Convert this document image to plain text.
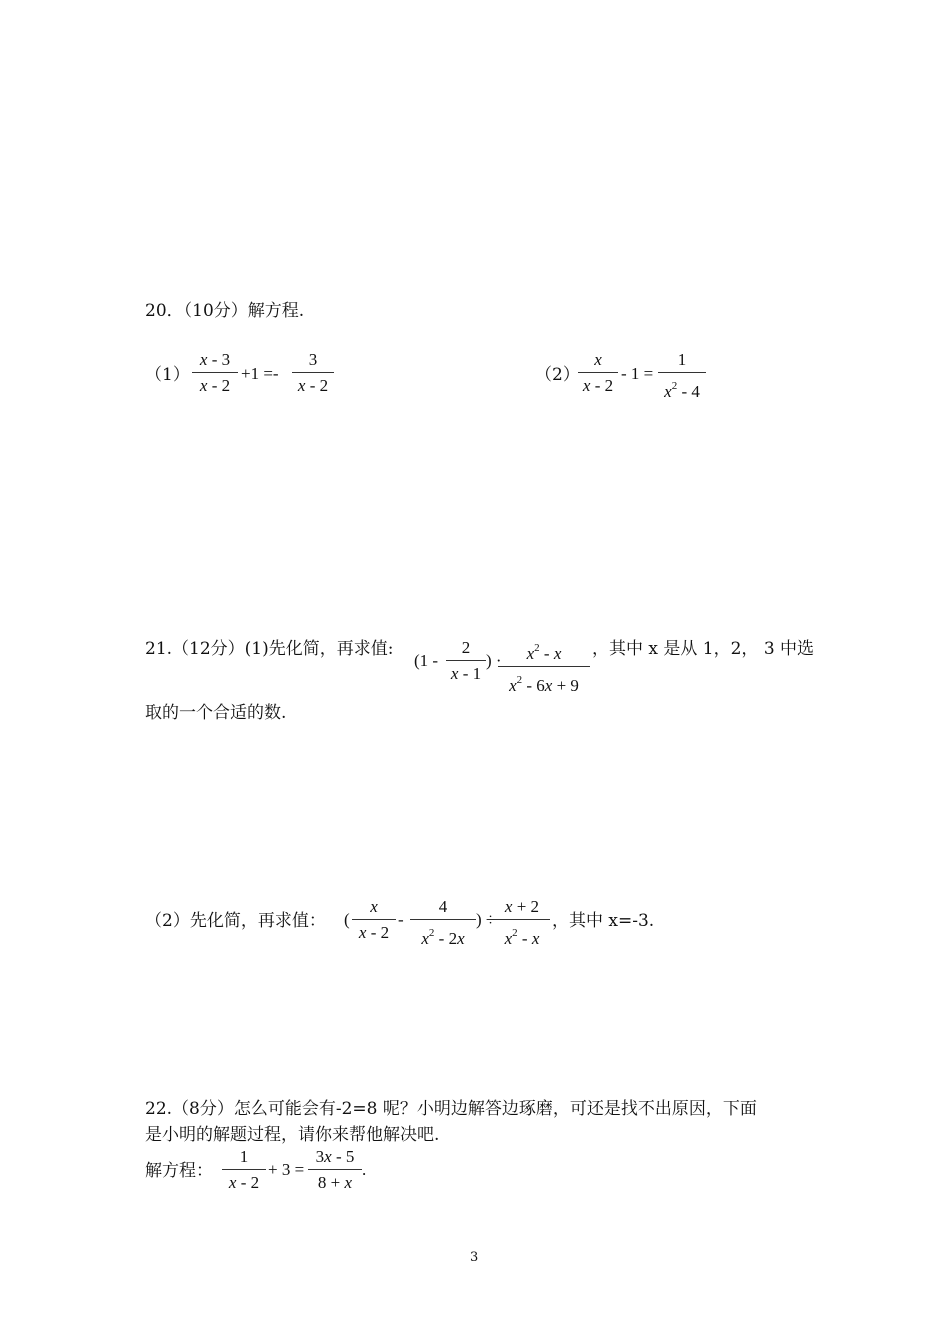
20．（10分）解方程.
（1）
x - 3
x - 2
+1 =-
3
x - 2
（2）
x
x - 2
- 1 =
1
$x^2 - 4$
21.（12分）(1)先化简，再求值:
(1 -
2
x - 1
) ·	$x^2$ - x
$x^2 - 6x + 9$
，其中 x 是从 1，2， 3 中选
取的一个合适的数.
（2）先化简，再求值： (
x
x - 2
-
4
$x^2 - 2x$
) ÷
x + 2
$x^2$ - x
，其中 x=-3.
22.（8分）怎么可能会有-2=8 呢？小明边解答边琢磨，可还是找不出原因，下面
是小明的解题过程，请你来帮他解决吧.
解方程：
1
x - 2
+ 3 =
3x - 5
8 + x
.
3
